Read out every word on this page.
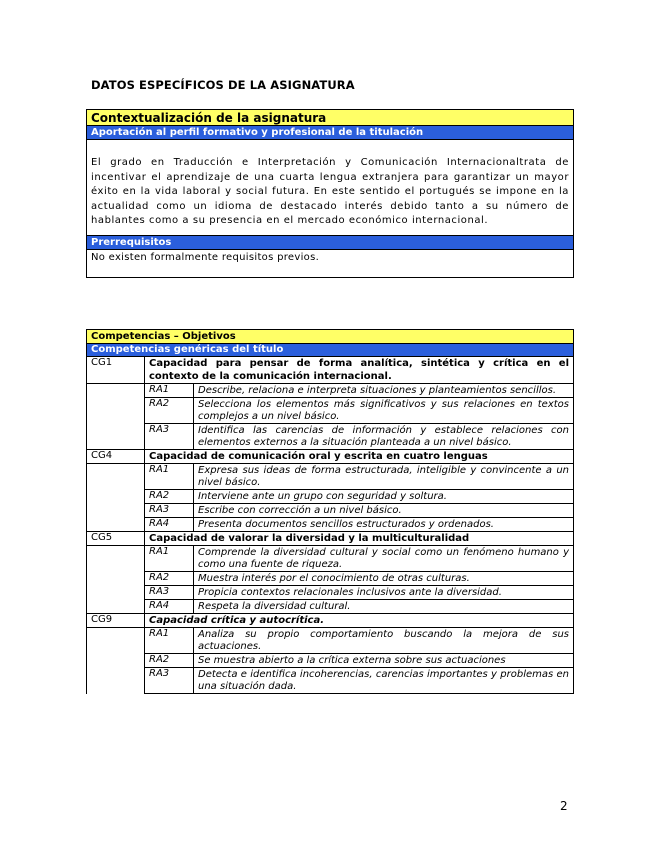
DATOS ESPECÍFICOS DE LA ASIGNATURA
Contextualización de la asignatura
Aportación al perfil formativo y profesional de la titulación
El grado en Traducción e Interpretación y Comunicación Internacionaltrata de incentivar el aprendizaje de una cuarta lengua extranjera para garantizar un mayor éxito en la vida laboral y social futura. En este sentido el portugués se impone en la actualidad como un idioma de destacado interés debido tanto a su número de hablantes como a su presencia en el mercado económico internacional.
Prerrequisitos
No existen formalmente requisitos previos.
Competencias – Objetivos		
Competencias genéricas del título		
CG1	Capacidad para pensar de forma analítica, sintética y crítica en el contexto de la comunicación internacional.	
	RA1	Describe, relaciona e interpreta situaciones y planteamientos sencillos.
	RA2	Selecciona los elementos más significativos y sus relaciones en textos complejos a un nivel básico.
	RA3	Identifica las carencias de información y establece relaciones con elementos externos a la situación planteada a un nivel básico.
CG4	Capacidad de comunicación oral y escrita en cuatro lenguas	
	RA1	Expresa sus ideas de forma estructurada, inteligible y convincente a un nivel básico.
	RA2	Interviene ante un grupo con seguridad y soltura.
	RA3	Escribe con corrección a un nivel básico.
	RA4	Presenta documentos sencillos estructurados y ordenados.
CG5	Capacidad de valorar la diversidad y la multiculturalidad	
	RA1	Comprende la diversidad cultural y social como un fenómeno humano y como una fuente de riqueza.
	RA2	Muestra interés por el conocimiento de otras culturas.
	RA3	Propicia contextos relacionales inclusivos ante la diversidad.
	RA4	Respeta la diversidad cultural.
CG9	Capacidad crítica y autocrítica.	
	RA1	Analiza su propio comportamiento buscando la mejora de sus actuaciones.
	RA2	Se muestra abierto a la crítica externa sobre sus actuaciones
	RA3	Detecta e identifica incoherencias, carencias importantes y problemas en una situación dada.
2
